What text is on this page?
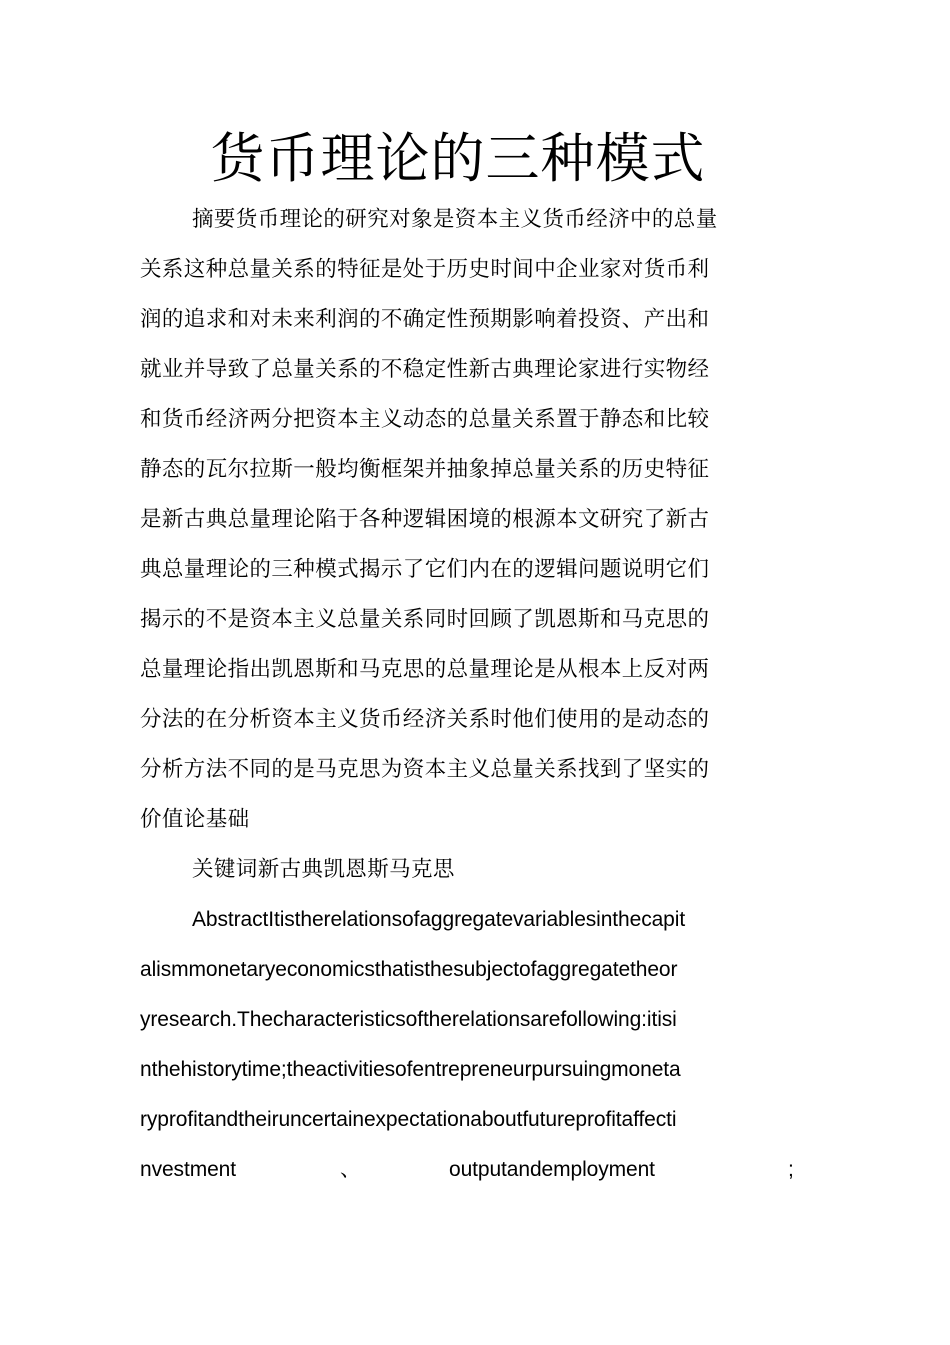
货币理论的三种模式
摘要货币理论的研究对象是资本主义货币经济中的总量
关系这种总量关系的特征是处于历史时间中企业家对货币利
润的追求和对未来利润的不确定性预期影响着投资、产出和
就业并导致了总量关系的不稳定性新古典理论家进行实物经
和货币经济两分把资本主义动态的总量关系置于静态和比较
静态的瓦尔拉斯一般均衡框架并抽象掉总量关系的历史特征
是新古典总量理论陷于各种逻辑困境的根源本文研究了新古
典总量理论的三种模式揭示了它们内在的逻辑问题说明它们
揭示的不是资本主义总量关系同时回顾了凯恩斯和马克思的
总量理论指出凯恩斯和马克思的总量理论是从根本上反对两
分法的在分析资本主义货币经济关系时他们使用的是动态的
分析方法不同的是马克思为资本主义总量关系找到了坚实的
价值论基础
关键词新古典凯恩斯马克思
AbstractItistherelationsofaggregatevariablesinthecapit
alismmonetaryeconomicsthatisthesubjectofaggregatetheor
yresearch.Thecharacteristicsoftherelationsarefollowing:itisi
nthehistorytime;theactivitiesofentrepreneurpursuingmoneta
ryprofitandtheiruncertainexpectationaboutfutureprofitaffecti
nvestment	、	outputandemployment	;
